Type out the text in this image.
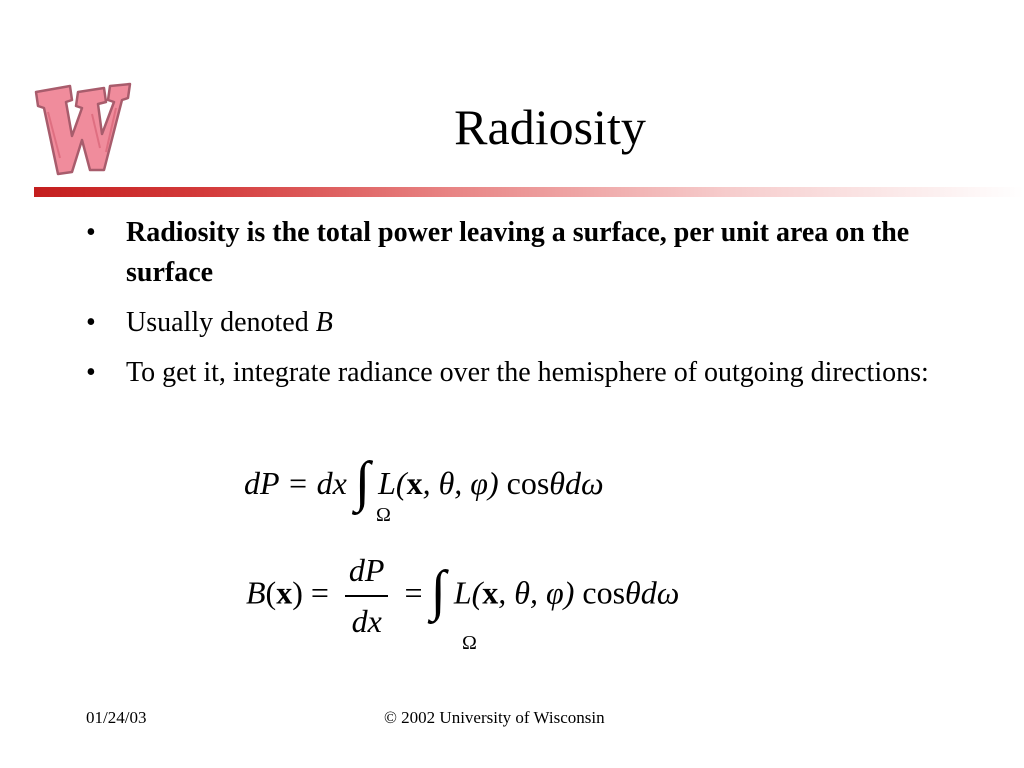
Radiosity
• Radiosity is the total power leaving a surface, per unit area on the surface
• Usually denoted B
• To get it, integrate radiance over the hemisphere of outgoing directions:
dP = dx ∫ L(x, θ, φ) cosθdω
Ω
$B(x) = \frac{dP}{dx}$ = ∫ L(x, θ, φ) cosθdω
Ω
01/24/03	© 2002 University of Wisconsin
